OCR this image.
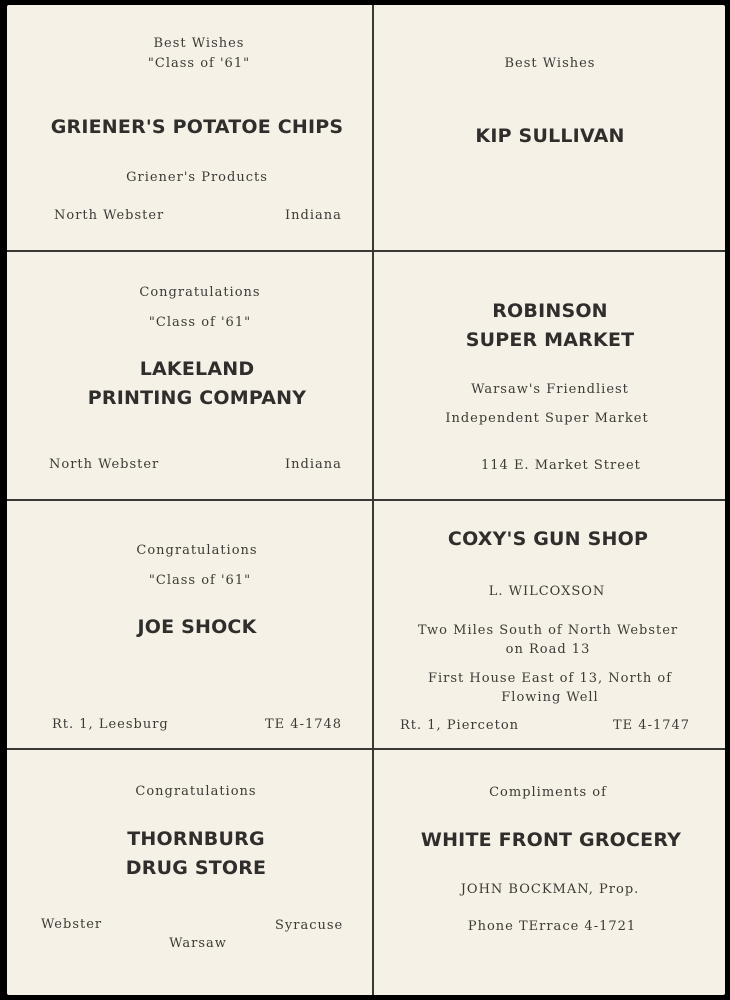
Best Wishes
"Class of '61"
GRIENER'S POTATOE CHIPS
Griener's Products
North Webster	Indiana
Best Wishes
KIP SULLIVAN
Congratulations
"Class of '61"
LAKELAND
PRINTING COMPANY
North Webster	Indiana
ROBINSON
SUPER MARKET
Warsaw's Friendliest
Independent Super Market
114 E. Market Street
Congratulations
"Class of '61"
JOE SHOCK
Rt. 1, Leesburg	TE 4-1748
COXY'S GUN SHOP
L. WILCOXSON
Two Miles South of North Webster
on Road 13
First House East of 13, North of
Flowing Well
Rt. 1, Pierceton	TE 4-1747
Congratulations
THORNBURG
DRUG STORE
Webster	Syracuse
Warsaw
Compliments of
WHITE FRONT GROCERY
JOHN BOCKMAN, Prop.
Phone TErrace 4-1721
